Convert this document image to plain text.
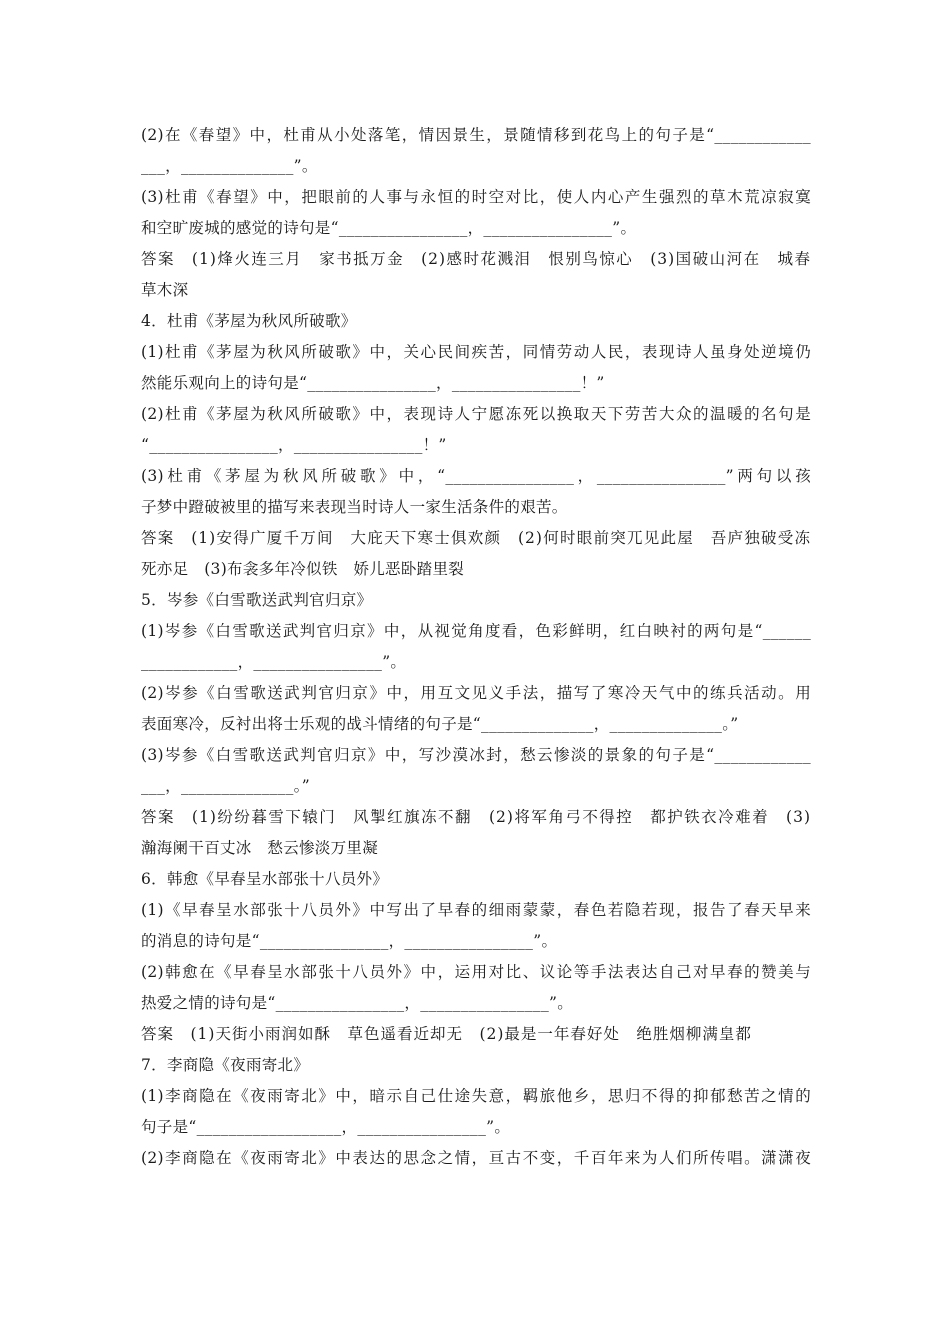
(2)在《春望》中，杜甫从小处落笔，情因景生，景随情移到花鸟上的句子是“____________
___，______________”。
(3)杜甫《春望》中，把眼前的人事与永恒的时空对比，使人内心产生强烈的草木荒凉寂寞
和空旷废城的感觉的诗句是“________________，________________”。
答案　(1)烽火连三月　家书抵万金　(2)感时花溅泪　恨别鸟惊心　(3)国破山河在　城春
草木深
4．杜甫《茅屋为秋风所破歌》
(1)杜甫《茅屋为秋风所破歌》中，关心民间疾苦，同情劳动人民，表现诗人虽身处逆境仍
然能乐观向上的诗句是“________________，________________！”
(2)杜甫《茅屋为秋风所破歌》中，表现诗人宁愿冻死以换取天下劳苦大众的温暖的名句是
“________________，________________！”
(3)杜甫《茅屋为秋风所破歌》中，“________________，________________”两句以孩
子梦中蹬破被里的描写来表现当时诗人一家生活条件的艰苦。
答案　(1)安得广厦千万间　大庇天下寒士俱欢颜　(2)何时眼前突兀见此屋　吾庐独破受冻
死亦足　(3)布衾多年冷似铁　娇儿恶卧踏里裂
5．岑参《白雪歌送武判官归京》
(1)岑参《白雪歌送武判官归京》中，从视觉角度看，色彩鲜明，红白映衬的两句是“______
____________，________________”。
(2)岑参《白雪歌送武判官归京》中，用互文见义手法，描写了寒冷天气中的练兵活动。用
表面寒冷，反衬出将士乐观的战斗情绪的句子是“______________，______________。”
(3)岑参《白雪歌送武判官归京》中，写沙漠冰封，愁云惨淡的景象的句子是“____________
___，______________。”
答案　(1)纷纷暮雪下辕门　风掣红旗冻不翻　(2)将军角弓不得控　都护铁衣冷难着　(3)
瀚海阑干百丈冰　愁云惨淡万里凝
6．韩愈《早春呈水部张十八员外》
(1)《早春呈水部张十八员外》中写出了早春的细雨蒙蒙，春色若隐若现，报告了春天早来
的消息的诗句是“________________，________________”。
(2)韩愈在《早春呈水部张十八员外》中，运用对比、议论等手法表达自己对早春的赞美与
热爱之情的诗句是“________________，________________”。
答案　(1)天街小雨润如酥　草色遥看近却无　(2)最是一年春好处　绝胜烟柳满皇都
7．李商隐《夜雨寄北》
(1)李商隐在《夜雨寄北》中，暗示自己仕途失意，羁旅他乡，思归不得的抑郁愁苦之情的
句子是“__________________，________________”。
(2)李商隐在《夜雨寄北》中表达的思念之情，亘古不变，千百年来为人们所传唱。潇潇夜
